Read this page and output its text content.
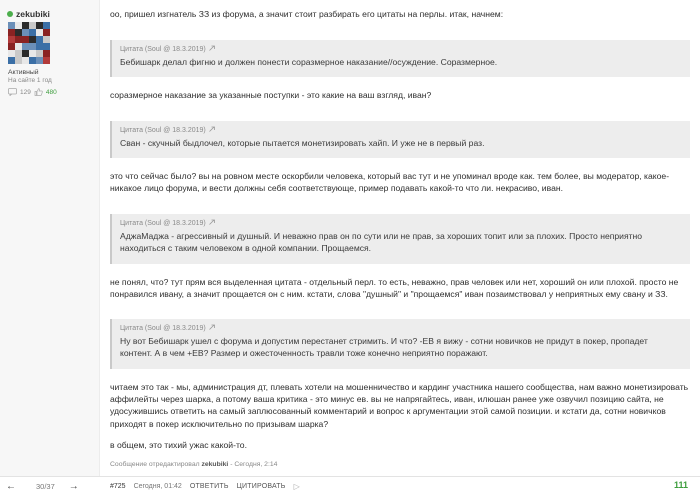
zekubiki
Активный
На сайте 1 год
129 480
оо, пришел изгнатель ЗЗ из форума, а значит стоит разбирать его цитаты на перлы. итак, начнем:
Цитата (Soul @ 18.3.2019)
Бебишарк делал фигню и должен понести соразмерное наказание//осуждение. Соразмерное.
соразмерное наказание за указанные поступки - это какие на ваш взгляд, иван?
Цитата (Soul @ 18.3.2019)
Сван - скучный быдлочел, которые пытается монетизировать хайп. И уже не в первый раз.
это что сейчас было? вы на ровном месте оскорбили человека, который вас тут и не упоминал вроде как. тем более, вы модератор, какое-никакое лицо форума, и вести должны себя соответствующе, пример подавать какой-то что ли. некрасиво, иван.
Цитата (Soul @ 18.3.2019)
АджаМаджа - агрессивный и душный. И неважно прав он по сути или не прав, за хороших топит или за плохих. Просто неприятно находиться с таким человеком в одной компании. Прощаемся.
не понял, что? тут прям вся выделенная цитата - отдельный перл. то есть, неважно, прав человек или нет, хороший он или плохой. просто не понравился ивану, а значит прощается он с ним. кстати, слова "душный" и "прощаемся" иван позаимствовал у неприятных ему свану и ЗЗ.
Цитата (Soul @ 18.3.2019)
Ну вот Бебишарк ушел с форума и допустим перестанет стримить. И что? -EB я вижу - сотни новичков не придут в покер, пропадет контент. А в чем +EB? Размер и ожесточенность травли тоже конечно неприятно поражают.
читаем это так - мы, администрация дт, плевать хотели на мошенничество и кардинг участника нашего сообщества, нам важно монетизировать аффилейты через шарка, а потому ваша критика - это минус ев. вы не напрягайтесь, иван, илюшан ранее уже озвучил позицию сайта, не удосужившись ответить на самый заплюсованный комментарий и вопрос к аргументации этой самой позиции. и кстати да, сотни новичков приходят в покер исключительно по призывам шарка?
в общем, это тихий ужас какой-то.
Сообщение отредактировал zekubiki - Сегодня, 2:14
←	30/37 →	#725 Сегодня, 01:42 ОТВЕТИТЬ ЦИТИРОВАТЬ ▷	111
